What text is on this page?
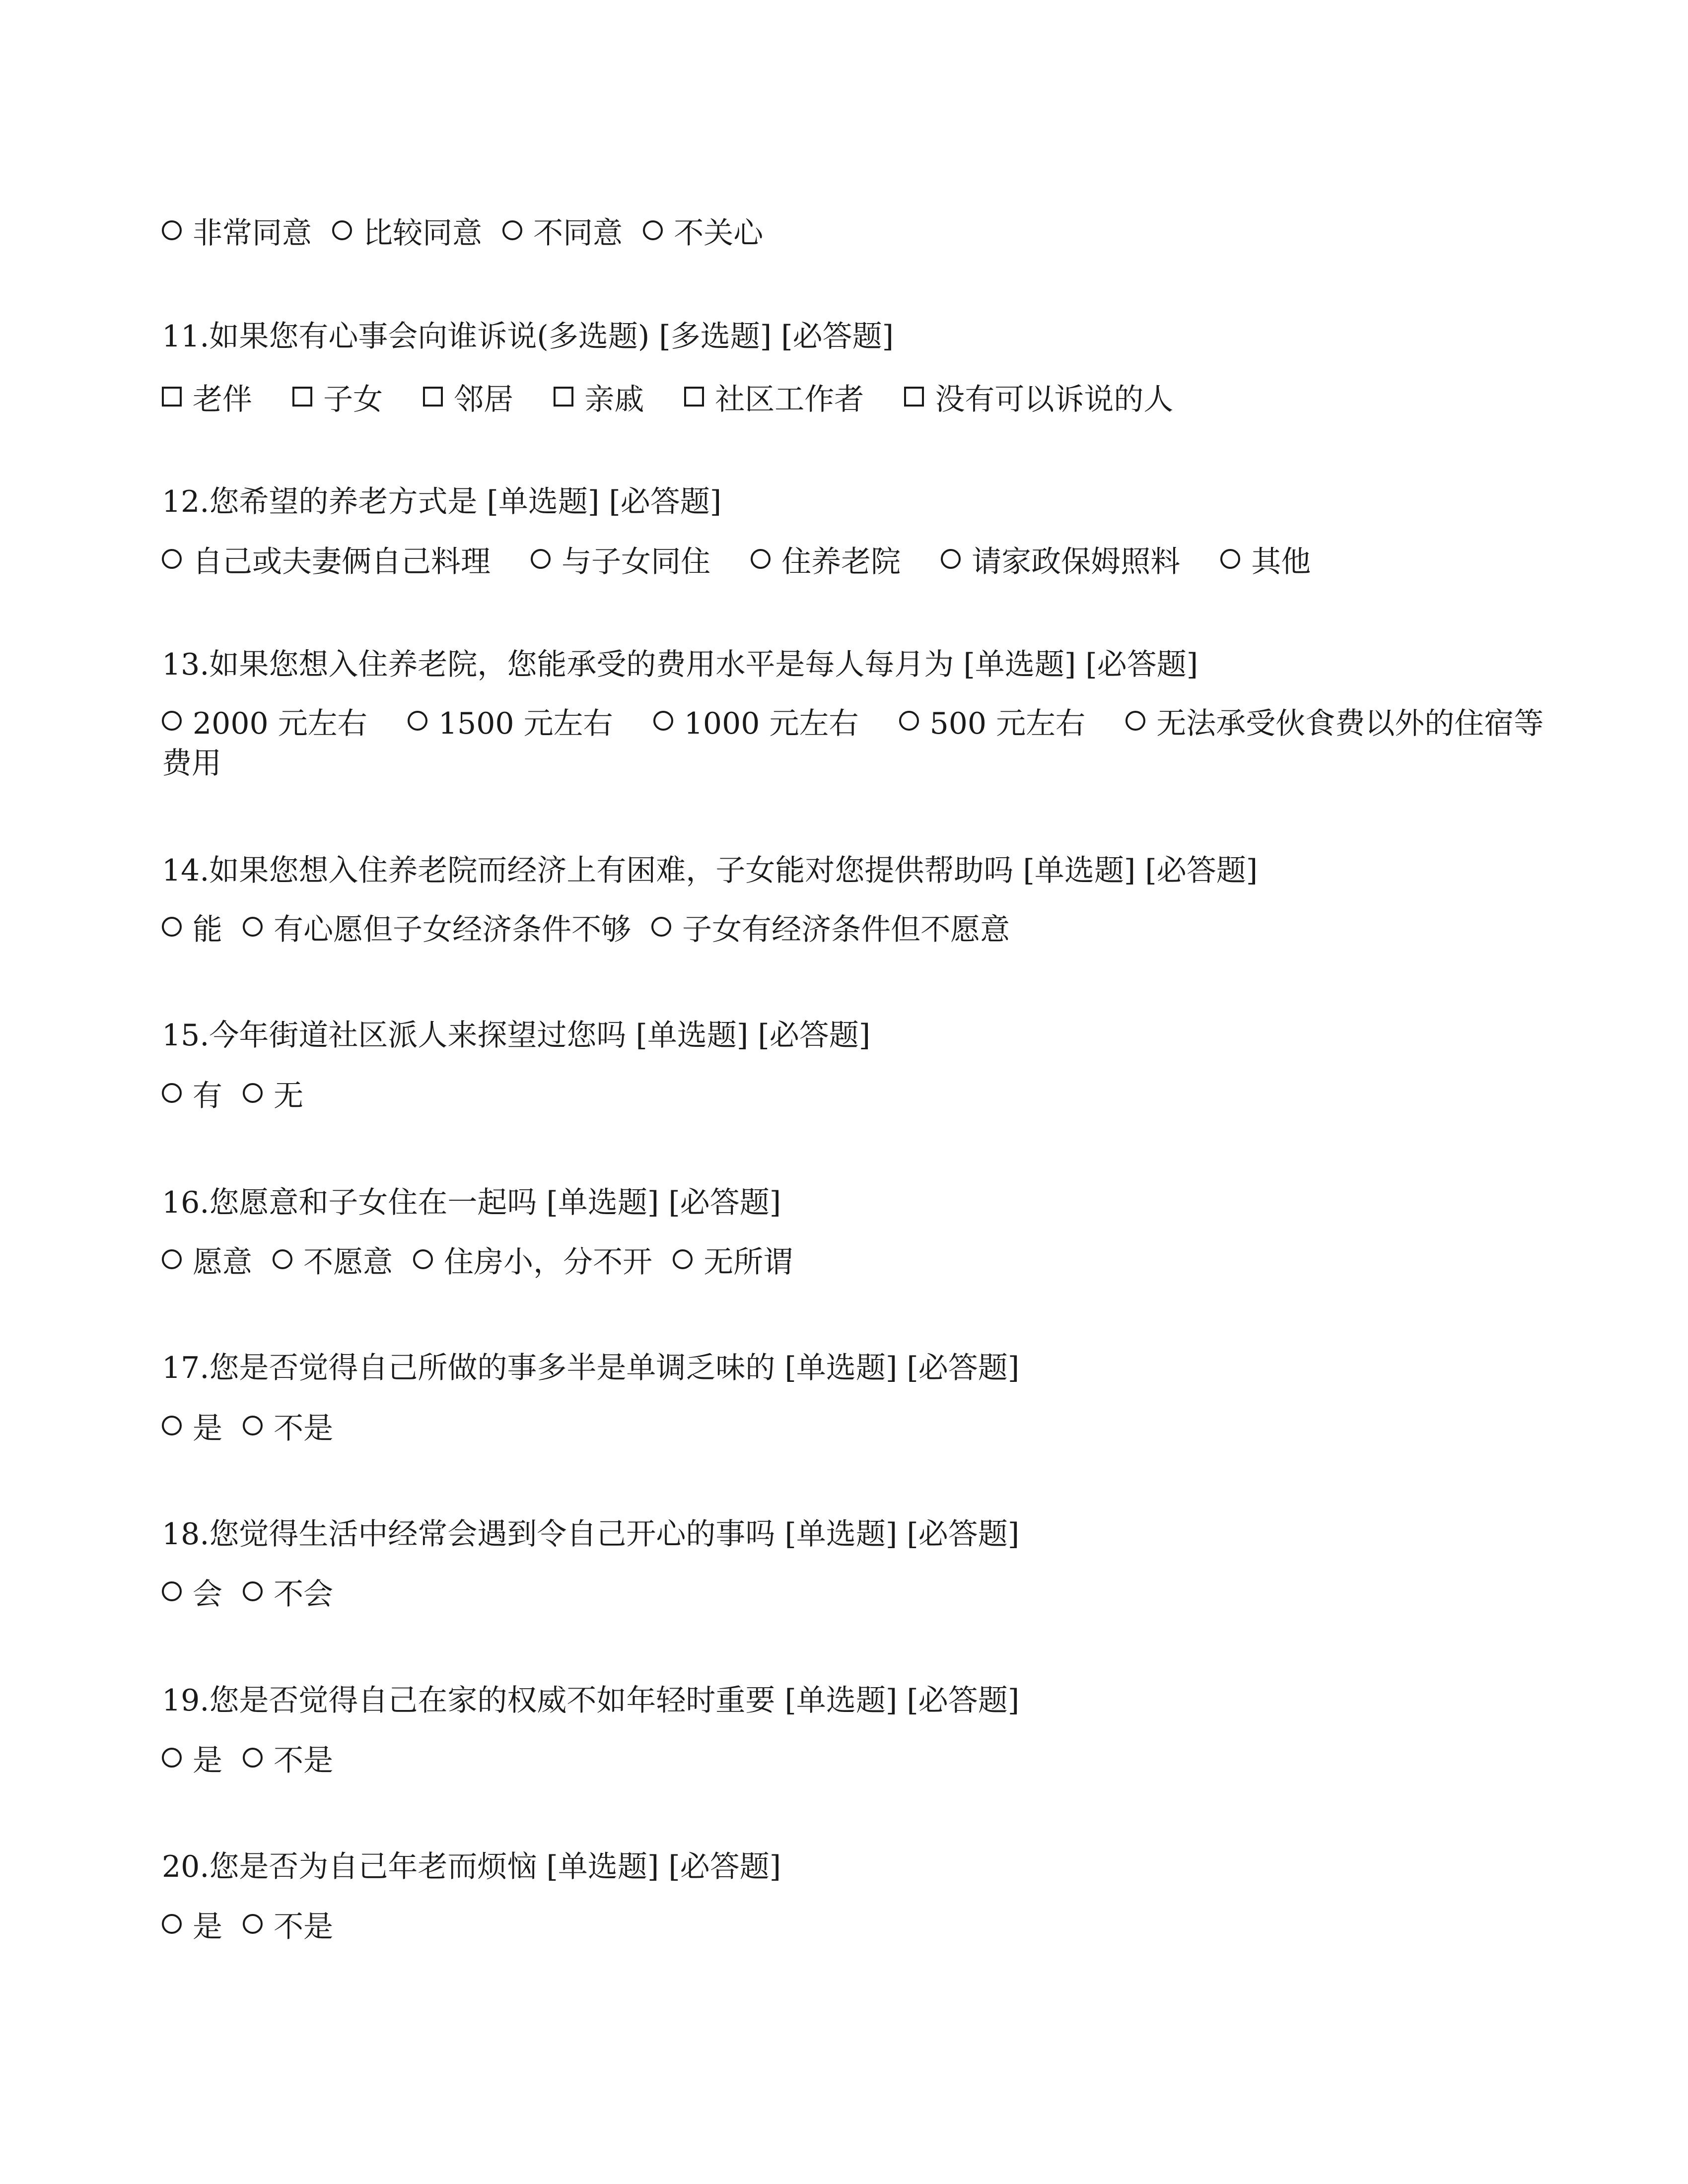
非常同意 比较同意 不同意 不关心
11.如果您有心事会向谁诉说(多选题) [多选题] [必答题]
老伴 子女 邻居 亲戚 社区工作者 没有可以诉说的人
12.您希望的养老方式是 [单选题] [必答题]
自己或夫妻俩自己料理 与子女同住 住养老院 请家政保姆照料 其他
13.如果您想入住养老院，您能承受的费用水平是每人每月为 [单选题] [必答题]
2000 元左右 1500 元左右 1000 元左右 500 元左右 无法承受伙食费以外的住宿等费用
14.如果您想入住养老院而经济上有困难，子女能对您提供帮助吗 [单选题] [必答题]
能 有心愿但子女经济条件不够 子女有经济条件但不愿意
15.今年街道社区派人来探望过您吗 [单选题] [必答题]
有 无
16.您愿意和子女住在一起吗 [单选题] [必答题]
愿意 不愿意 住房小，分不开 无所谓
17.您是否觉得自己所做的事多半是单调乏味的 [单选题] [必答题]
是 不是
18.您觉得生活中经常会遇到令自己开心的事吗 [单选题] [必答题]
会 不会
19.您是否觉得自己在家的权威不如年轻时重要 [单选题] [必答题]
是 不是
20.您是否为自己年老而烦恼 [单选题] [必答题]
是 不是
